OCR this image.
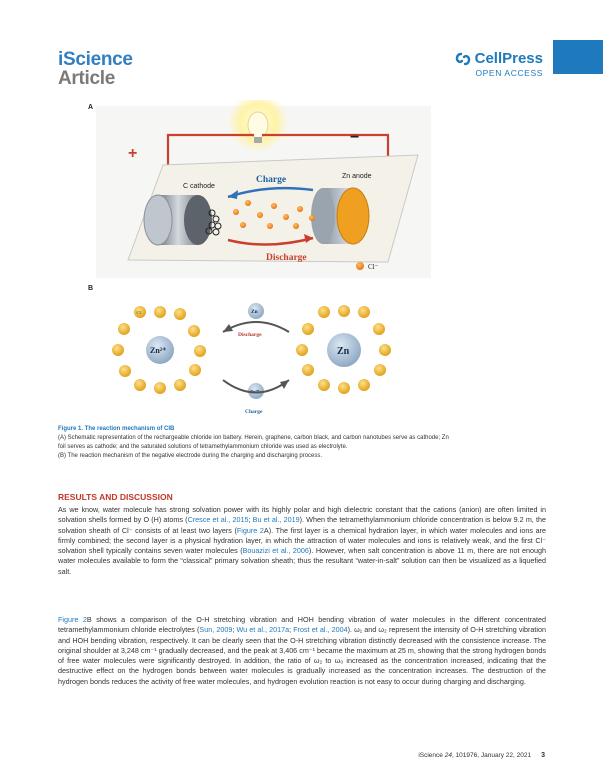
iScience
Article
CellPress
OPEN ACCESS
A
B
+
−
C cathode
Zn anode
Charge
Discharge
Cl⁻
Zn²⁺
Cl	Zn
Discharge
Zn²⁺
Charge
Zn

Figure 1. The reaction mechanism of CIB

(A) Schematic representation of the rechargeable chloride ion battery. Herein, graphene, carbon black, and carbon nanotubes serve as cathode; Zn foil serves as cathode; and the saturated solutions of tetramethylammonium chloride was used as electrolyte.

(B) The reaction mechanism of the negative electrode during the charging and discharging process.

RESULTS AND DISCUSSION

As we know, water molecule has strong solvation power with its highly polar and high dielectric constant that the cations (anion) are often limited in solvation shells formed by O (H) atoms (Cresce et al., 2015; Bu et al., 2019). When the tetramethylammonium chloride concentration is below 9.2 m, the solvation sheath of Cl⁻ consists of at least two layers (Figure 2A). The first layer is a chemical hydration layer, in which water molecules and ions are firmly combined; the second layer is a physical hydration layer, in which the attraction of water molecules and ions is relatively weak, and the first Cl⁻ solvation shell typically contains seven water molecules (Bouazizi et al., 2006). However, when salt concentration is above 11 m, there are not enough water molecules available to form the “classical” primary solvation sheath; thus the resultant “water-in-salt” solution can then be visualized as a liquefied salt.

Figure 2B shows a comparison of the O-H stretching vibration and HOH bending vibration of water molecules in the different concentrated tetramethylammonium chloride electrolytes (Sun, 2009; Wu et al., 2017a; Frost et al., 2004). ω₁ and ω₂ represent the intensity of O-H stretching vibration and HOH bending vibration, respectively. It can be clearly seen that the O-H stretching vibration distinctly decreased with the consistence increase. The original shoulder at 3,248 cm⁻¹ gradually decreased, and the peak at 3,406 cm⁻¹ became the maximum at 25 m, showing that the strong hydrogen bonds of free water molecules were significantly destroyed. In addition, the ratio of ω₂ to ω₀ increased as the concentration increased, indicating that the destructive effect on the hydrogen bonds between water molecules is gradually increased as the concentration increases. The destruction of the hydrogen bonds reduces the activity of free water molecules, and hydrogen evolution reaction is not easy to occur during charging and discharging.

iScience 24, 101976, January 22, 2021 3
